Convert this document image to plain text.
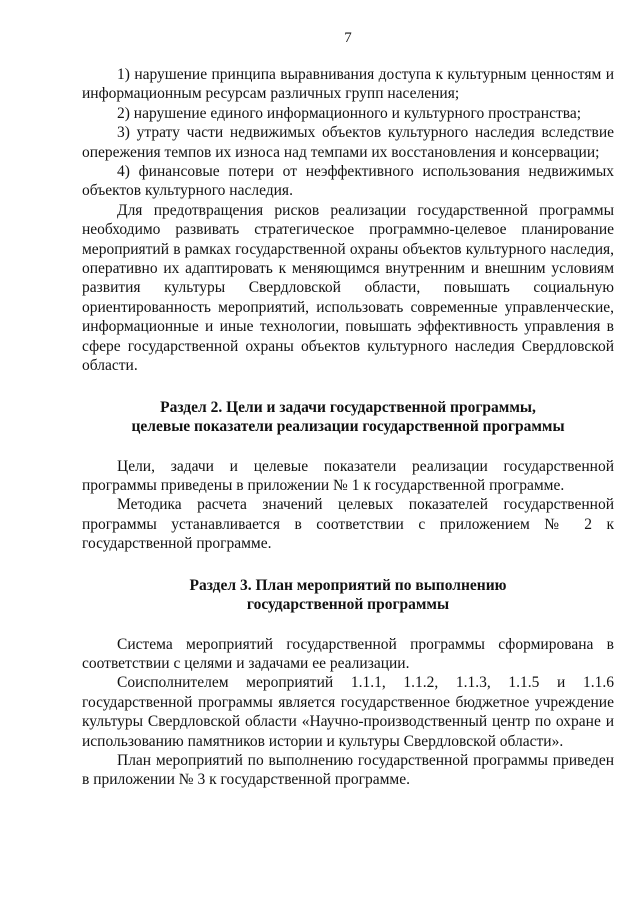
7

1) нарушение принципа выравнивания доступа к культурным ценностям и информационным ресурсам различных групп населения;

2) нарушение единого информационного и культурного пространства;

3) утрату части недвижимых объектов культурного наследия вследствие опережения темпов их износа над темпами их восстановления и консервации;

4) финансовые потери от неэффективного использования недвижимых объектов культурного наследия.

Для предотвращения рисков реализации государственной программы необходимо развивать стратегическое программно-целевое планирование мероприятий в рамках государственной охраны объектов культурного наследия, оперативно их адаптировать к меняющимся внутренним и внешним условиям развития культуры Свердловской области, повышать социальную ориентированность мероприятий, использовать современные управленческие, информационные и иные технологии, повышать эффективность управления в сфере государственной охраны объектов культурного наследия Свердловской области.

Раздел 2. Цели и задачи государственной программы,
целевые показатели реализации государственной программы

Цели, задачи и целевые показатели реализации государственной программы приведены в приложении № 1 к государственной программе.

Методика расчета значений целевых показателей государственной программы устанавливается в соответствии с приложением № 2 к государственной программе.

Раздел 3. План мероприятий по выполнению
государственной программы

Система мероприятий государственной программы сформирована в соответствии с целями и задачами ее реализации.

Соисполнителем мероприятий 1.1.1, 1.1.2, 1.1.3, 1.1.5 и 1.1.6 государственной программы является государственное бюджетное учреждение культуры Свердловской области «Научно-производственный центр по охране и использованию памятников истории и культуры Свердловской области».

План мероприятий по выполнению государственной программы приведен в приложении № 3 к государственной программе.
